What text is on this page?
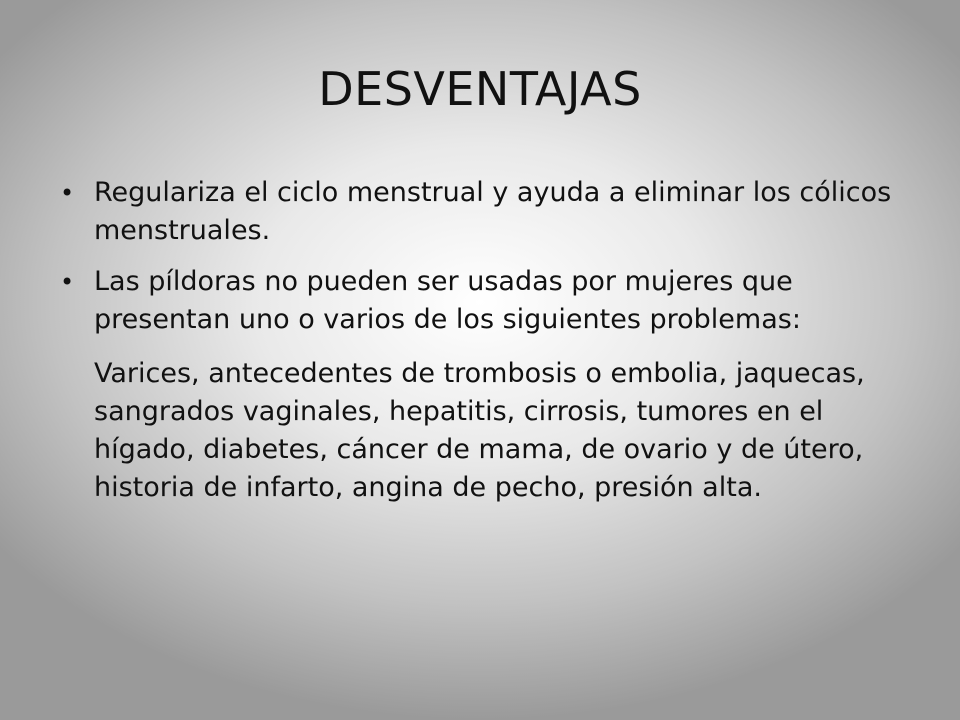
DESVENTAJAS
• Regulariza el ciclo menstrual y ayuda a eliminar los cólicos menstruales.
• Las píldoras no pueden ser usadas por mujeres que presentan uno o varios de los siguientes problemas:
Varices, antecedentes de trombosis o embolia, jaquecas, sangrados vaginales, hepatitis, cirrosis, tumores en el hígado, diabetes, cáncer de mama, de ovario y de útero, historia de infarto, angina de pecho, presión alta.
